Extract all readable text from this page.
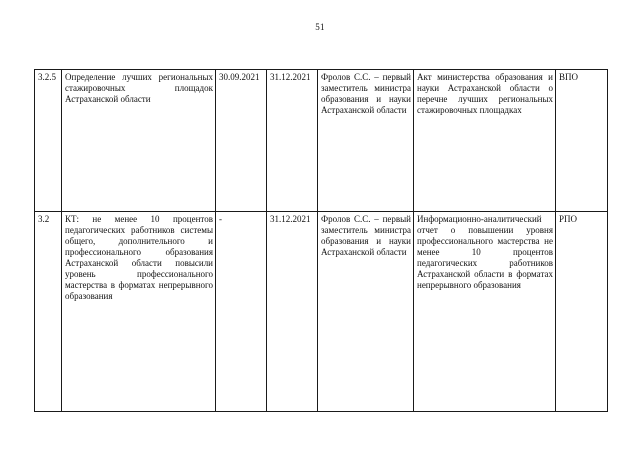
51
3.2.5	Определение лучших региональных стажировочных площадок Астраханской области	30.09.2021	31.12.2021	Фролов С.С. – первый заместитель министра образования и науки Астраханской области	Акт министерства образования и науки Астраханской области о перечне лучших региональных стажировочных площадках	ВПО
3.2	КТ: не менее 10 процентов педагогических работников системы общего, дополнительного и профессионального образования Астраханской области повысили уровень профессионального мастерства в форматах непрерывного образования	-	31.12.2021	Фролов С.С. – первый заместитель министра образования и науки Астраханской области	Информационно-аналитический отчет о повышении уровня профессионального мастерства не менее 10 процентов педагогических работников Астраханской области в форматах непрерывного образования	РПО
